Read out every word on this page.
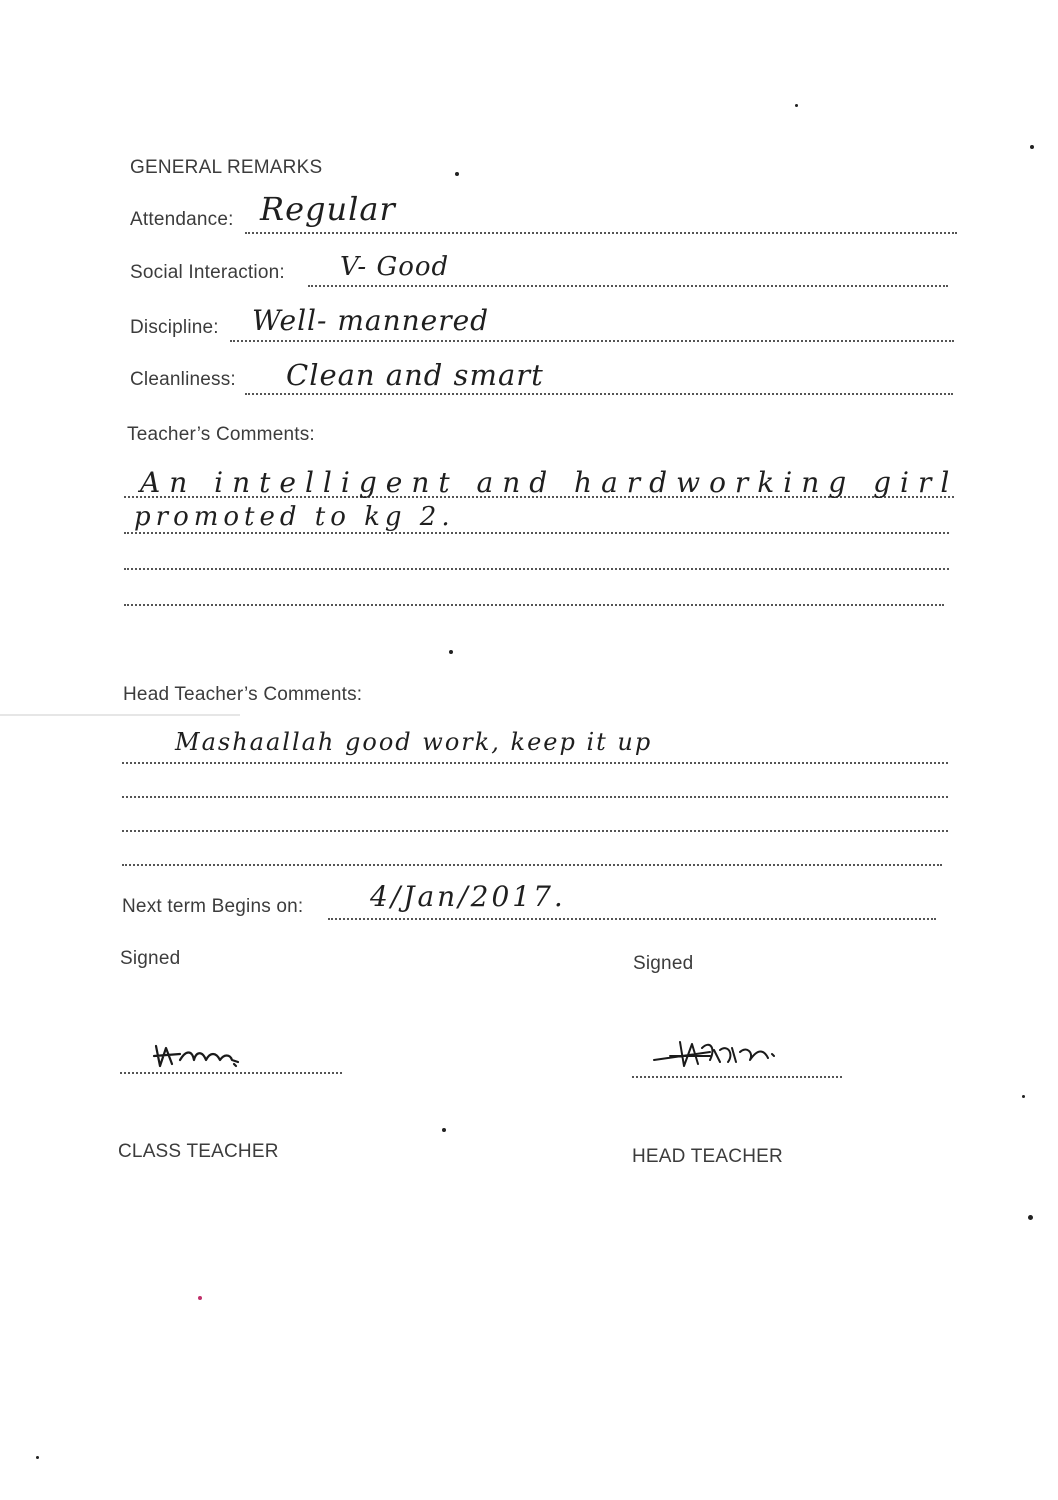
GENERAL REMARKS
Attendance: Regular
Social Interaction: V- Good
Discipline: Well- mannered
Cleanliness: Clean and smart
Teacher’s Comments:
An intelligent and hardworking girl
promoted to kg 2.
Head Teacher’s Comments:
Mashaallah good work, keep it up
Next term Begins on: 4/Jan/2017.
Signed	Signed
CLASS TEACHER	HEAD TEACHER
